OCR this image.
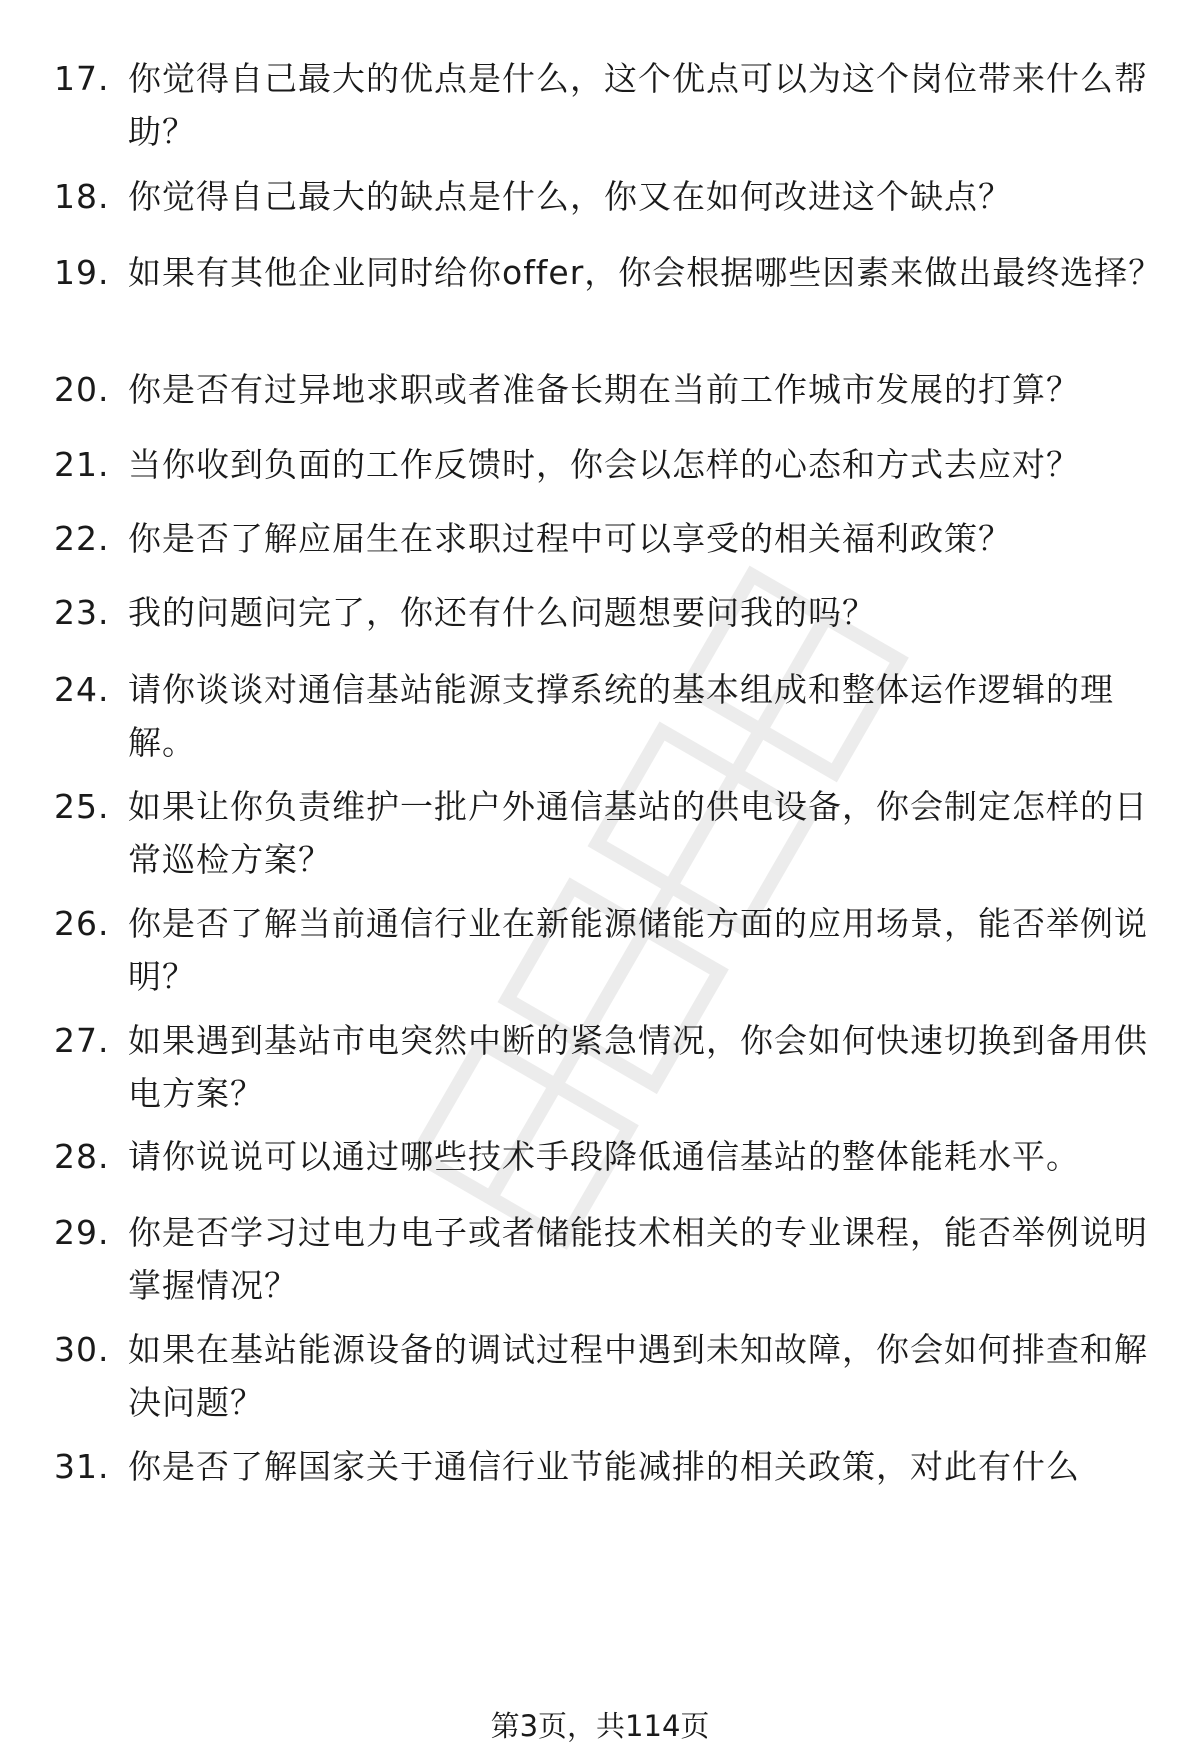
17. 你觉得自己最大的优点是什么，这个优点可以为这个岗位带来什么帮助？
18. 你觉得自己最大的缺点是什么，你又在如何改进这个缺点？
19. 如果有其他企业同时给你offer，你会根据哪些因素来做出最终选择？
20. 你是否有过异地求职或者准备长期在当前工作城市发展的打算？
21. 当你收到负面的工作反馈时，你会以怎样的心态和方式去应对？
22. 你是否了解应届生在求职过程中可以享受的相关福利政策？
23. 我的问题问完了，你还有什么问题想要问我的吗？
24. 请你谈谈对通信基站能源支撑系统的基本组成和整体运作逻辑的理解。
25. 如果让你负责维护一批户外通信基站的供电设备，你会制定怎样的日常巡检方案？
26. 你是否了解当前通信行业在新能源储能方面的应用场景，能否举例说明？
27. 如果遇到基站市电突然中断的紧急情况，你会如何快速切换到备用供电方案？
28. 请你说说可以通过哪些技术手段降低通信基站的整体能耗水平。
29. 你是否学习过电力电子或者储能技术相关的专业课程，能否举例说明掌握情况？
30. 如果在基站能源设备的调试过程中遇到未知故障，你会如何排查和解决问题？
31. 你是否了解国家关于通信行业节能减排的相关政策，对此有什么
第3页，共114页
